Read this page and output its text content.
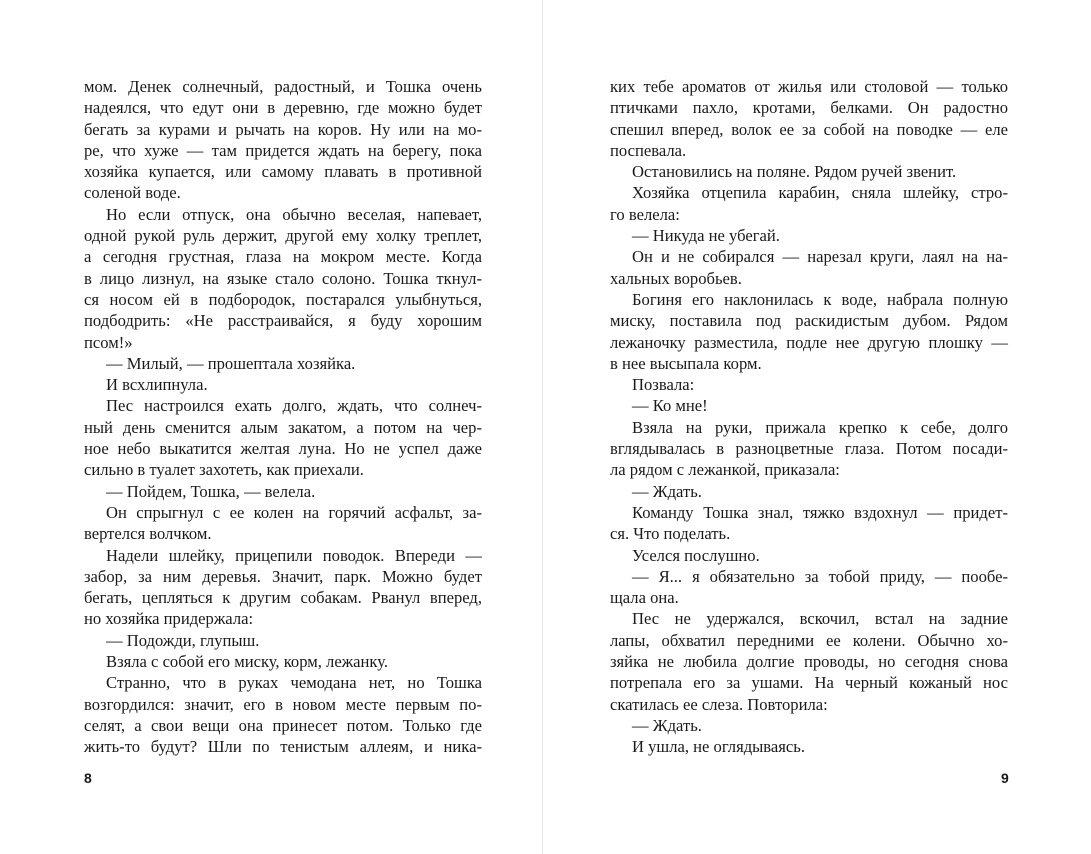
мом. Денек солнечный, радостный, и Тошка очень
надеялся, что едут они в деревню, где можно будет
бегать за курами и рычать на коров. Ну или на мо-
ре, что хуже — там придется ждать на берегу, пока
хозяйка купается, или самому плавать в противной
соленой воде.
Но если отпуск, она обычно веселая, напевает,
одной рукой руль держит, другой ему холку треплет,
а сегодня грустная, глаза на мокром месте. Когда
в лицо лизнул, на языке стало солоно. Тошка ткнул-
ся носом ей в подбородок, постарался улыбнуться,
подбодрить: «Не расстраивайся, я буду хорошим
псом!»
— Милый, — прошептала хозяйка.
И всхлипнула.
Пес настроился ехать долго, ждать, что солнеч-
ный день сменится алым закатом, а потом на чер-
ное небо выкатится желтая луна. Но не успел даже
сильно в туалет захотеть, как приехали.
— Пойдем, Тошка, — велела.
Он спрыгнул с ее колен на горячий асфальт, за-
вертелся волчком.
Надели шлейку, прицепили поводок. Впереди —
забор, за ним деревья. Значит, парк. Можно будет
бегать, цепляться к другим собакам. Рванул вперед,
но хозяйка придержала:
— Подожди, глупыш.
Взяла с собой его миску, корм, лежанку.
Странно, что в руках чемодана нет, но Тошка
возгордился: значит, его в новом месте первым по-
селят, а свои вещи она принесет потом. Только где
жить-то будут? Шли по тенистым аллеям, и ника-
8
ких тебе ароматов от жилья или столовой — только
птичками пахло, кротами, белками. Он радостно
спешил вперед, волок ее за собой на поводке — еле
поспевала.
Остановились на поляне. Рядом ручей звенит.
Хозяйка отцепила карабин, сняла шлейку, стро-
го велела:
— Никуда не убегай.
Он и не собирался — нарезал круги, лаял на на-
хальных воробьев.
Богиня его наклонилась к воде, набрала полную
миску, поставила под раскидистым дубом. Рядом
лежаночку разместила, подле нее другую плошку —
в нее высыпала корм.
Позвала:
— Ко мне!
Взяла на руки, прижала крепко к себе, долго
вглядывалась в разноцветные глаза. Потом посади-
ла рядом с лежанкой, приказала:
— Ждать.
Команду Тошка знал, тяжко вздохнул — придет-
ся. Что поделать.
Уселся послушно.
— Я... я обязательно за тобой приду, — пообе-
щала она.
Пес не удержался, вскочил, встал на задние
лапы, обхватил передними ее колени. Обычно хо-
зяйка не любила долгие проводы, но сегодня снова
потрепала его за ушами. На черный кожаный нос
скатилась ее слеза. Повторила:
— Ждать.
И ушла, не оглядываясь.
9
